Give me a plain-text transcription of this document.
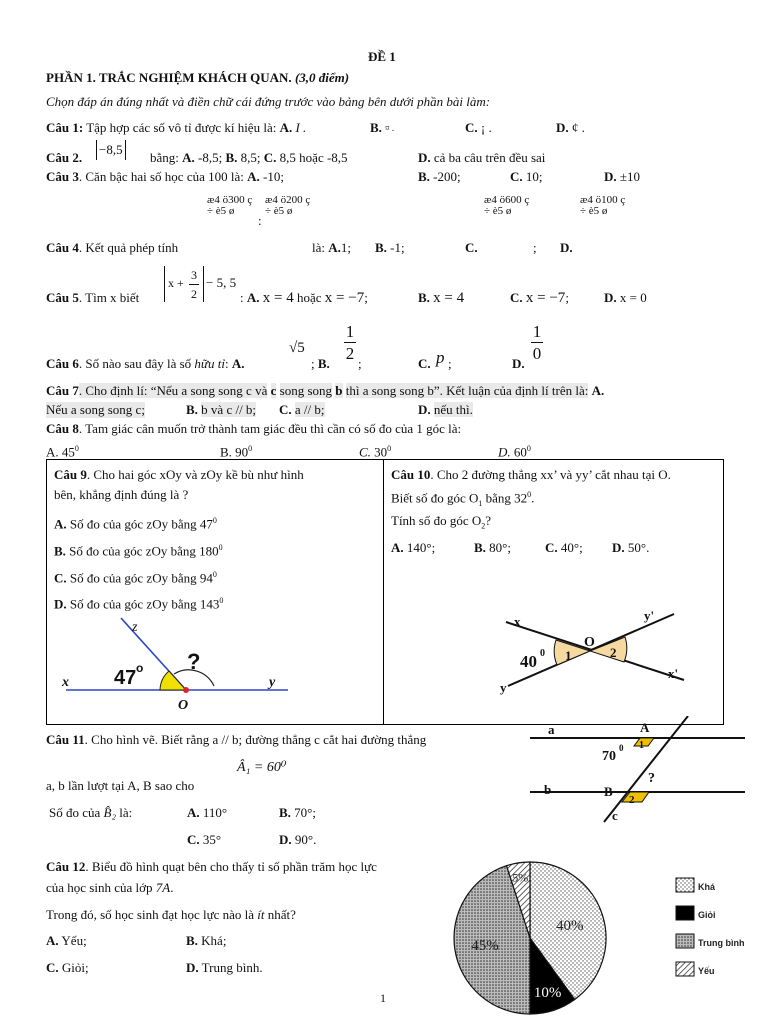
ĐỀ 1
PHẦN 1. TRẮC NGHIỆM KHÁCH QUAN. (3,0 điểm)
Chọn đáp án đúng nhất và điền chữ cái đứng trước vào bảng bên dưới phần bài làm:
Câu 1: Tập hợp các số vô tỉ được kí hiệu là: A. I .	B. ¤ .	C. ¡ .	D. ¢ .
Câu 2.
−8,5
bằng: A. -8,5; B. 8,5; C. 8,5 hoặc -8,5	D. cả ba câu trên đều sai
Câu 3. Căn bậc hai số học của 100 là: A. -10;	B. -200;	C. 10;	D. ±10
æ4 ö300 ç ÷ è5 ø
:
æ4 ö200 ç ÷ è5 ø
Câu 4. Kết quả phép tính	là: A.1; B. -1;	C.
æ4 ö600 ç ÷ è5 ø
; D.
æ4 ö100 ç ÷ è5 ø
Câu 5. Tìm x biết
x +
3
2
− 5, 5
: A. x = 4 hoặc x = −7;	B. x = 4	C. x = −7;	D. x = 0
Câu 6. Số nào sau đây là số hữu tỉ: A.
√5
; B.
1
2
;	C. p ;	D.
1
0
Câu 7. Cho định lí: “Nếu a song song c và c song song b thì a song song b”. Kết luận của định lí trên là: A.
Nếu a song song c;	B. b và c // b; C. a // b;	D. nếu thì.
Câu 8. Tam giác cân muốn trở thành tam giác đều thì cần có số đo của 1 góc là:
A. $45^0$	B. $90^0$	C. $30^0$	D. $60^0$
Câu 9. Cho hai góc xOy và zOy kề bù như hình
bên, khẳng định đúng là ?
A. Số đo của góc zOy bằng $47^0$
B. Số đo của góc zOy bằng $180^0$
C. Số đo của góc zOy bằng $94^0$
D. Số đo của góc zOy bằng $143^0$
z
x	y
O
47 o ?
Câu 10. Cho 2 đường thẳng xx’ và yy’ cắt nhau tại O.
Biết số đo góc $O_1$ bằng $32^0$.
Tính số đo góc $O_2$?
A. 140°;	B. 80°;	C. 40°; D. 50°.
x	y'
O
40 0 1	2
x'
y
Câu 11. Cho hình vẽ. Biết rằng a // b; đường thẳng c cắt hai đường thẳng
a, b lần lượt tại A, B sao cho
Â₁ = 60⁰
Số đo của B̂₂ là:	A. 110°	B. 70°;
C. 35°	D. 90°.
a
b
A
B
c
70
0 1
2
?
Câu 12. Biểu đồ hình quạt bên cho thấy tỉ số phần trăm học lực
của học sinh của lớp 7A.
Trong đó, số học sinh đạt học lực nào là ít nhất?
A. Yếu;	B. Khá;
C. Giỏi;	D. Trung bình.
40%
10%
45%
5%
Khá
Giỏi
Trung bình
Yếu
1
